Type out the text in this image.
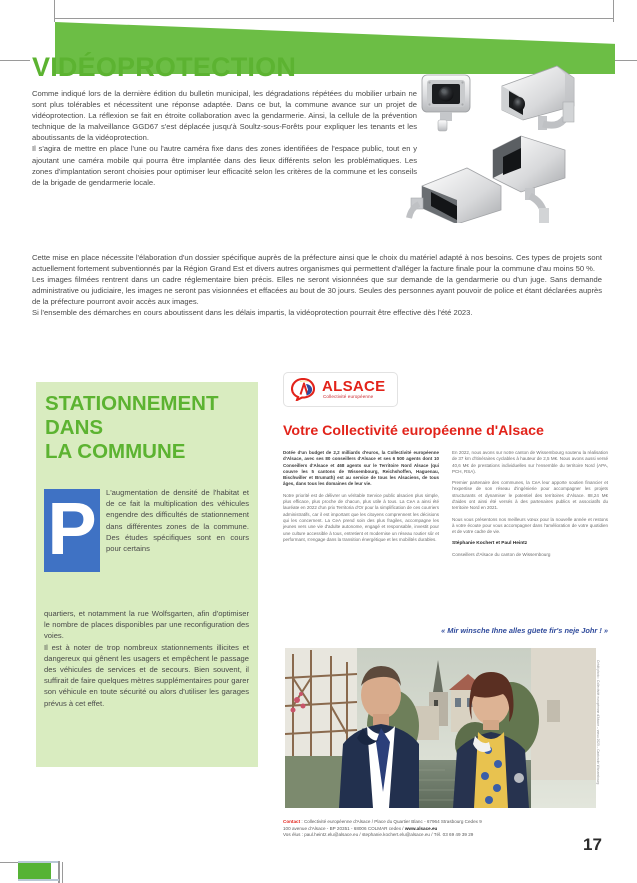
VIDÉOPROTECTION

Comme indiqué lors de la dernière édition du bulletin municipal, les dégradations répétées du mobilier urbain ne sont plus tolérables et nécessitent une réponse adaptée. Dans ce but, la commune avance sur un projet de vidéoprotection. La réflexion se fait en étroite collaboration avec la gendarmerie. Ainsi, la cellule de la prévention technique de la malveillance GGD67 s'est déplacée jusqu'à Soultz-sous-Forêts pour expliquer les tenants et les aboutissants de la vidéoprotection.

Il s'agira de mettre en place l'une ou l'autre caméra fixe dans des zones identifiées de l'espace public, tout en y ajoutant une caméra mobile qui pourra être implantée dans des lieux différents selon les problématiques. Les zones d'implantation seront choisies pour optimiser leur efficacité selon les critères de la commune et les conseils de la brigade de gendarmerie locale.

Cette mise en place nécessite l'élaboration d'un dossier spécifique auprès de la préfecture ainsi que le choix du matériel adapté à nos besoins. Ces types de projets sont actuellement fortement subventionnés par la Région Grand Est et divers autres organismes qui permettent d'alléger la facture finale pour la commune d'au moins 50 %.

Les images filmées rentrent dans un cadre réglementaire bien précis. Elles ne seront visionnées que sur demande de la gendarmerie ou d'un juge. Sans demande administrative ou judiciaire, les images ne seront pas visionnées et effacées au bout de 30 jours. Seules des personnes ayant pouvoir de police et étant déclarées auprès de la préfecture pourront avoir accès aux images.

Si l'ensemble des démarches en cours aboutissent dans les délais impartis, la vidéoprotection pourrait être effective dès l'été 2023.

STATIONNEMENT
DANS
LA COMMUNE
P	L'augmentation de densité de l'habitat et de ce fait la multiplication des véhicules engendre des difficultés de stationnement dans différentes zones de la commune. Des études spécifiques sont en cours pour certains

quartiers, et notamment la rue Wolfsgarten, afin d'optimiser le nombre de places disponibles par une reconfiguration des voies.

Il est à noter de trop nombreux stationnements illicites et dangereux qui gênent les usagers et empêchent le passage des véhicules de services et de secours. Bien souvent, il suffirait de faire quelques mètres supplémentaires pour garer son véhicule en toute sécurité ou alors d'utiliser les garages prévus à cet effet.

ALSACE
Collectivité européenne
Votre Collectivité européenne d'Alsace

Dotée d'un budget de 2,2 milliards d'euros, la Collectivité européenne d'Alsace, avec ses 80 conseillers d'Alsace et ses 6 500 agents dont 10 Conseillers d'Alsace et 468 agents sur le Territoire Nord Alsace (qui couvre les 5 cantons de Wissembourg, Reichshoffen, Haguenau, Bischwiller et Brumath) est au service de tous les Alsaciens, de tous âges, dans tous les domaines de leur vie.

Notre priorité est de délivrer un véritable Service public alsacien plus simple, plus efficace, plus proche de chacun, plus utile à tous. La CeA a ainsi été lauréate en 2022 d'un prix Territoria d'Or pour la simplification de ces courriers administratifs, car il est important que les citoyens comprennent les décisions qui les concernent. La CeA prend soin des plus fragiles, accompagne les jeunes vers une vie d'adulte autonome, engagé et responsable, investit pour une culture accessible à tous, entretient et modernise un réseau routier sûr et performant, s'engage dans la transition énergétique et les mobilités durables.

En 2022, nous avons sur notre canton de Wissembourg soutenu la réalisation de 37 km d'itinéraires cyclables à hauteur de 2,5 M€. Nous avons aussi versé 40,6 M€ de prestations individuelles sur l'ensemble du territoire Nord (APA, PCH, RSA).

Premier partenaire des communes, la CeA leur apporte soutien financier et l'expertise de son réseau d'ingénierie pour accompagner les projets structurants et dynamiser le potentiel des territoires d'Alsace. 88,24 M€ d'aides ont ainsi été versés à des partenaires publics et associatifs du territoire Nord en 2021.

Nous vous présentons nos meilleurs vœux pour la nouvelle année et restons à votre écoute pour vous accompagner dans l'amélioration de votre quotidien et de votre cadre de vie.

Stéphanie Kochert et Paul Heintz

Conseillers d'Alsace du canton de Wissembourg

« Mir winsche Ihne alles güete fir's neje Johr ! »
Crédit photo : Collectivité européenne d'Alsace – vœux 2023 – Canton de Wissembourg

Contact : Collectivité européenne d'Alsace / Place du Quartier Blanc - 67964 Strasbourg Cedex 9

100 avenue d'Alsace - BP 20351 - 68006 COLMAR cedex / www.alsace.eu

Vos élus : paul.heintz.elu@alsace.eu / stephanie.kochert.elu@alsace.eu / Tél. 03 69 49 39 29

17
